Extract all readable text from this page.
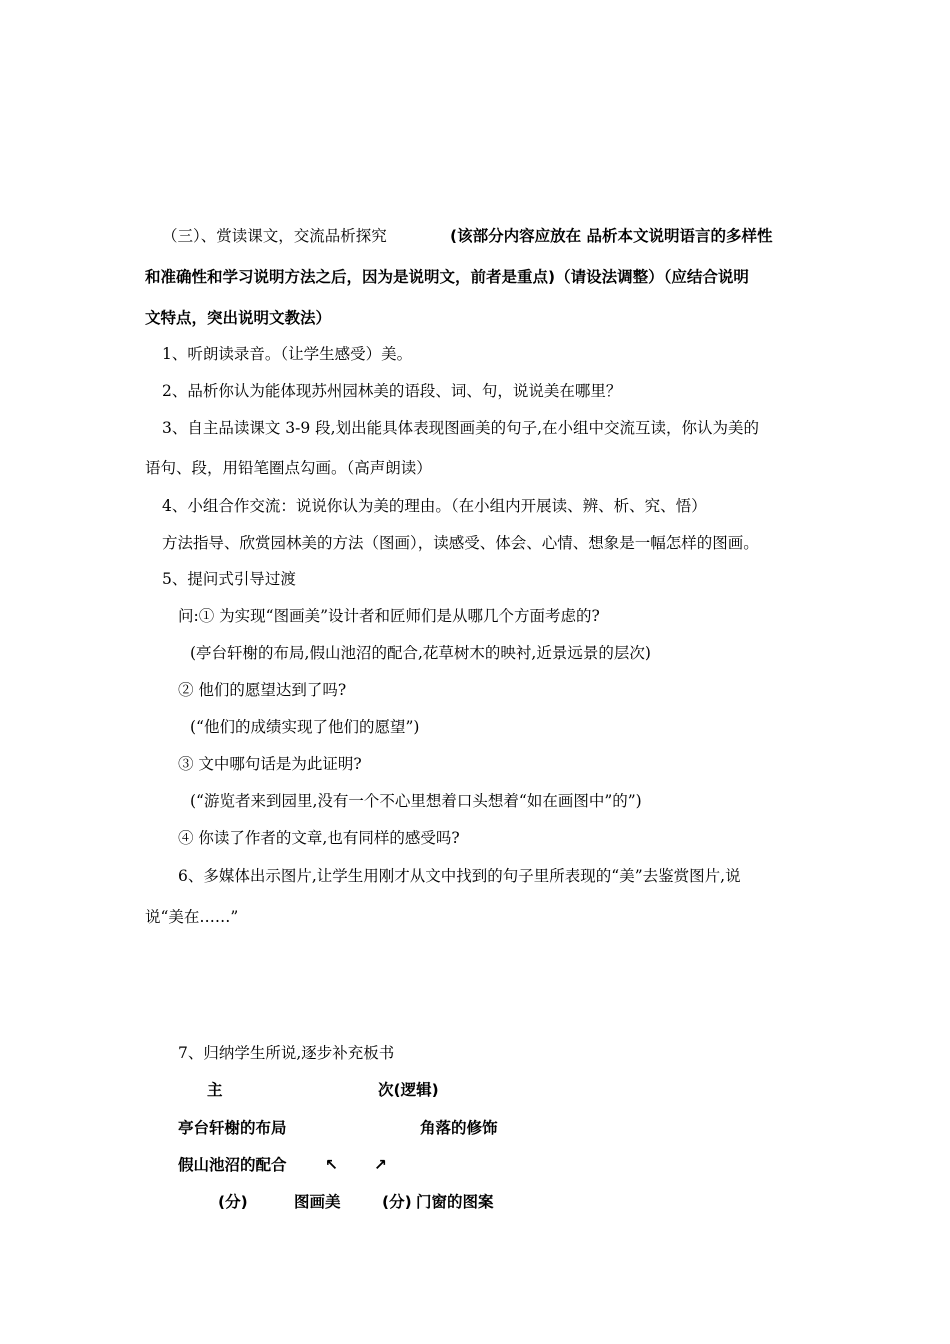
（三）、赏读课文，交流品析探究	(该部分内容应放在 品析本文说明语言的多样性
和准确性和学习说明方法之后，因为是说明文，前者是重点)（请设法调整）（应结合说明
文特点，突出说明文教法）
1、听朗读录音。（让学生感受）美。
2、品析你认为能体现苏州园林美的语段、词、句，说说美在哪里？
3、自主品读课文 3-9 段,划出能具体表现图画美的句子,在小组中交流互读，你认为美的
语句、段，用铅笔圈点勾画。（高声朗读）
4、小组合作交流：说说你认为美的理由。（在小组内开展读、辨、析、究、悟）
方法指导、欣赏园林美的方法（图画），读感受、体会、心情、想象是一幅怎样的图画。
5、提问式引导过渡
问:① 为实现“图画美”设计者和匠师们是从哪几个方面考虑的?
(亭台轩榭的布局,假山池沼的配合,花草树木的映衬,近景远景的层次)
② 他们的愿望达到了吗?
(“他们的成绩实现了他们的愿望”)
③ 文中哪句话是为此证明?
(“游览者来到园里,没有一个不心里想着口头想着“如在画图中”的”)
④ 你读了作者的文章,也有同样的感受吗?
6、多媒体出示图片,让学生用刚才从文中找到的句子里所表现的“美”去鉴赏图片,说
说“美在……”
7、归纳学生所说,逐步补充板书
主	次(逻辑)
亭台轩榭的布局	角落的修饰
假山池沼的配合 ↖ ↗
(分)	图画美	(分) 门窗的图案
